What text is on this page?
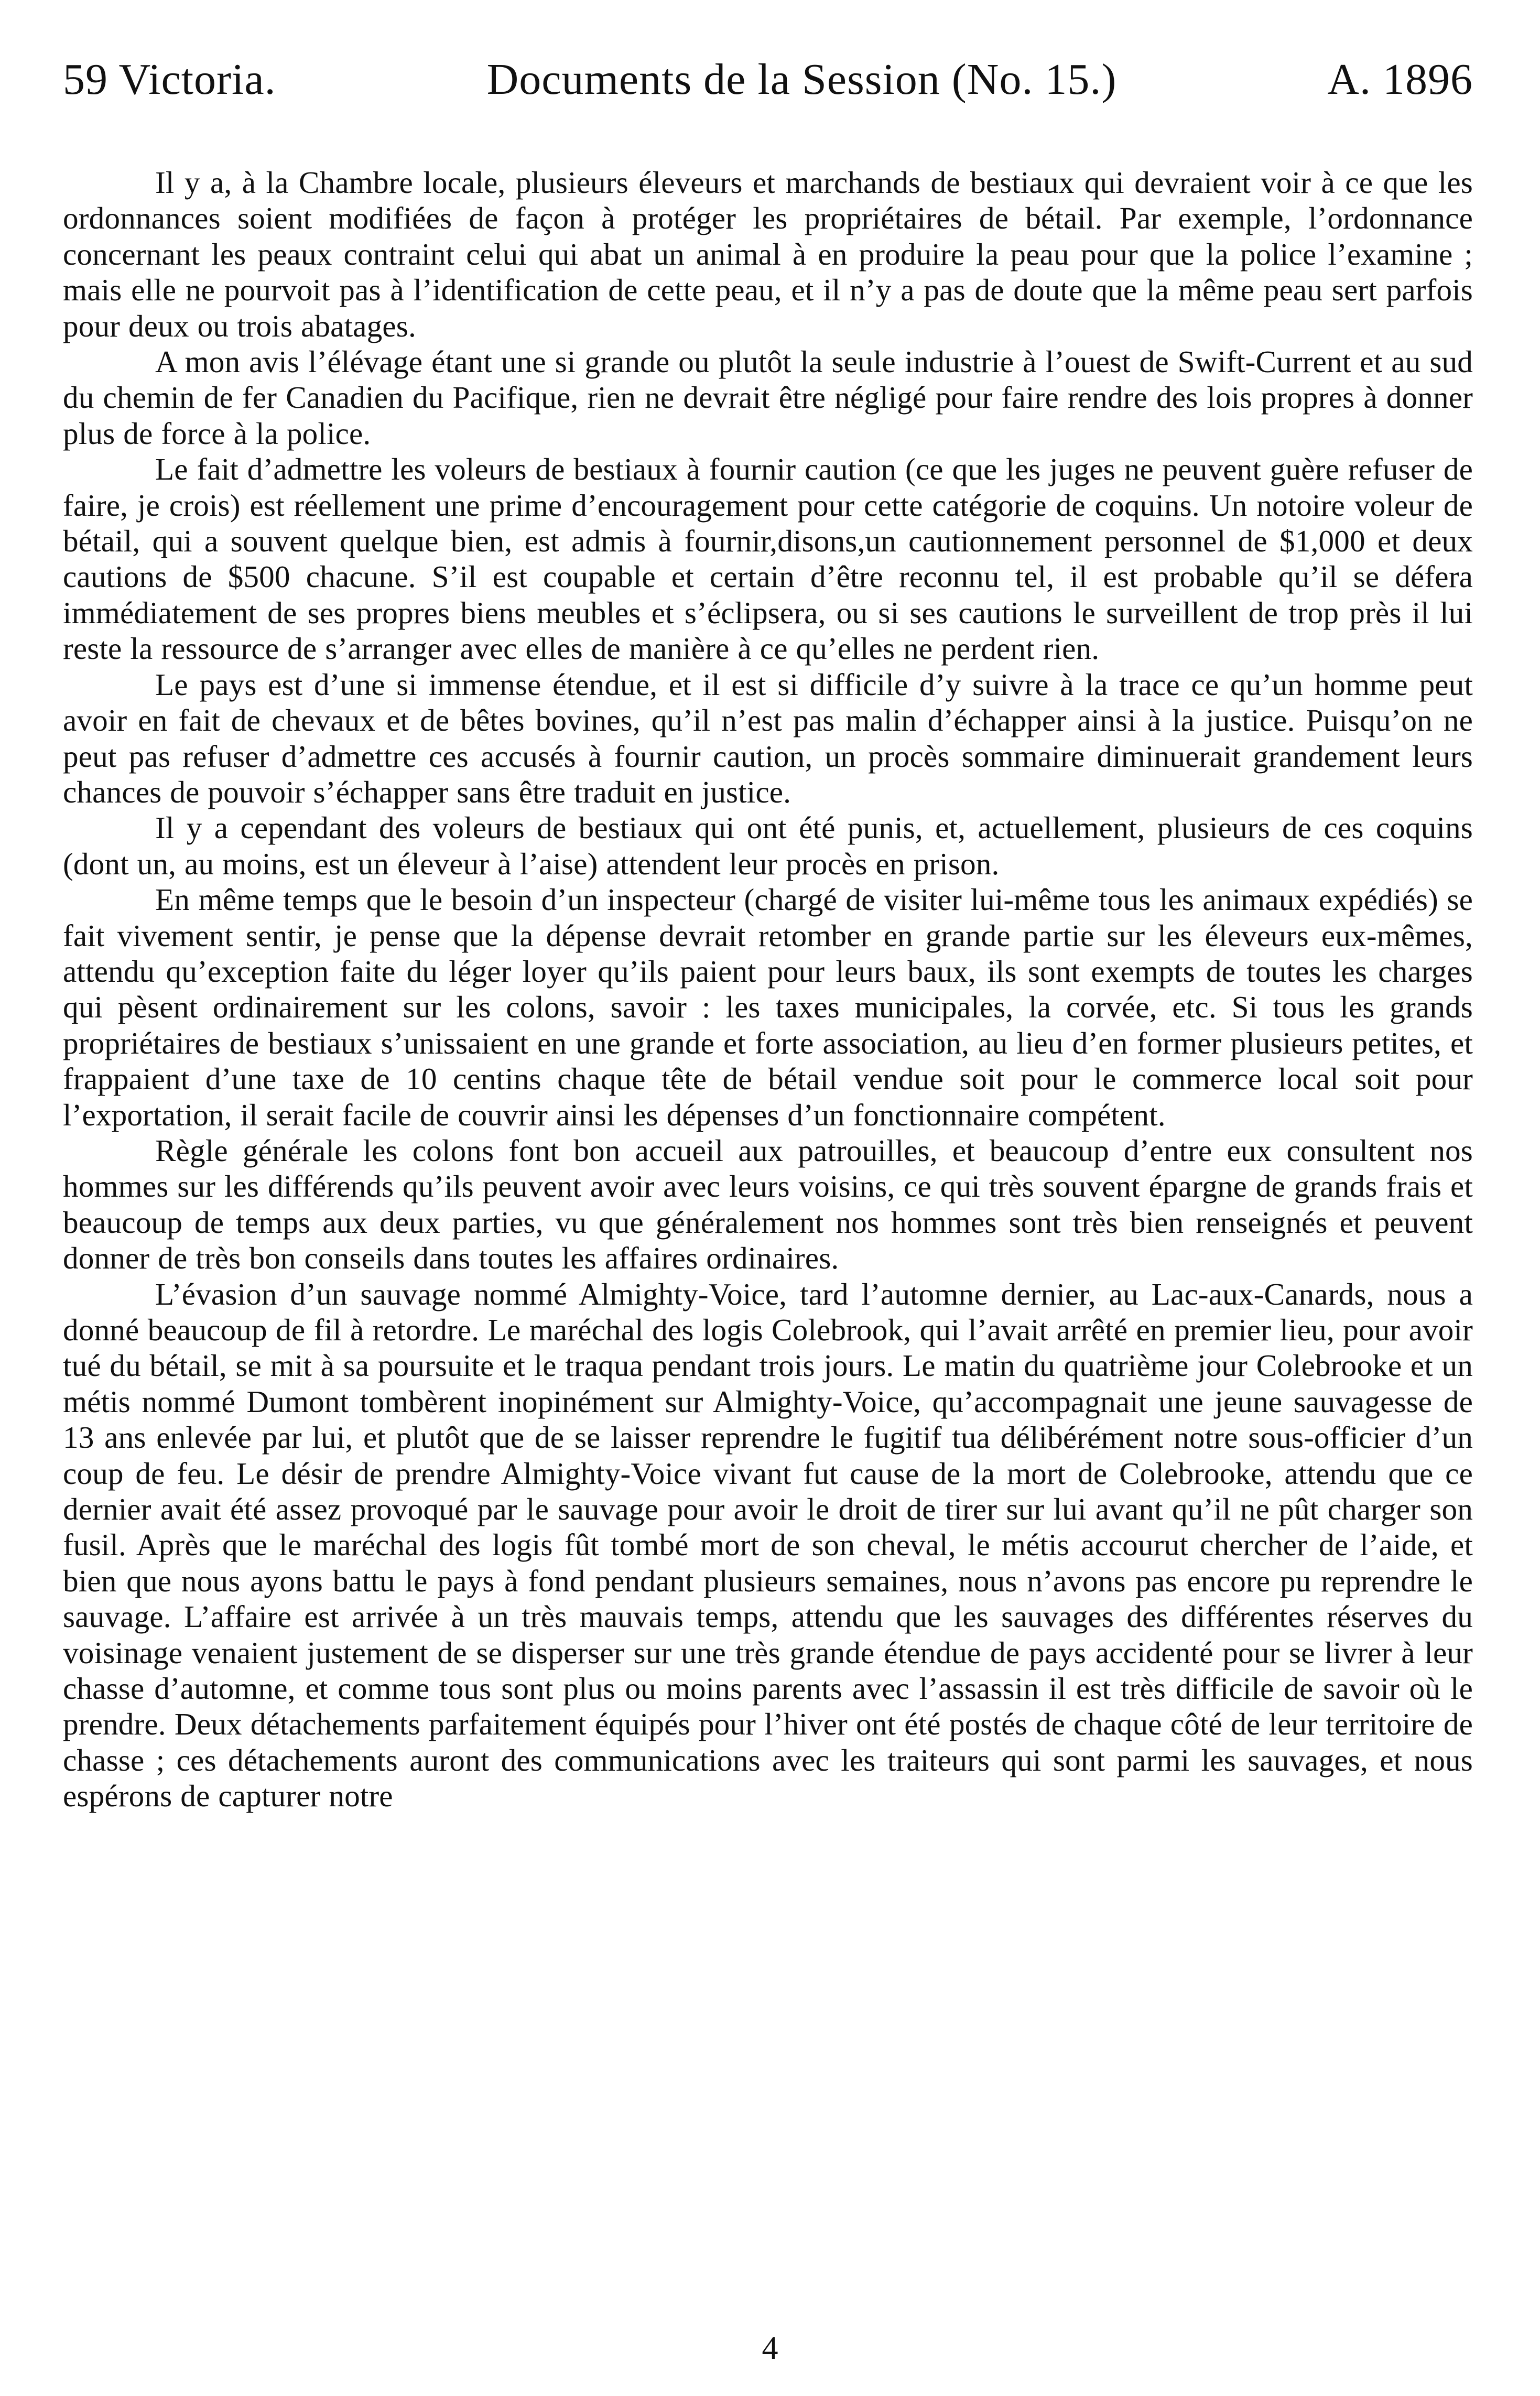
59 Victoria.	Documents de la Session (No. 15.)	A. 1896

Il y a, à la Chambre locale, plusieurs éleveurs et marchands de bestiaux qui devraient voir à ce que les ordonnances soient modifiées de façon à protéger les propriétaires de bétail. Par exemple, l’ordonnance concernant les peaux contraint celui qui abat un animal à en produire la peau pour que la police l’examine ; mais elle ne pourvoit pas à l’identification de cette peau, et il n’y a pas de doute que la même peau sert parfois pour deux ou trois abatages.

A mon avis l’élévage étant une si grande ou plutôt la seule industrie à l’ouest de Swift-Current et au sud du chemin de fer Canadien du Pacifique, rien ne devrait être négligé pour faire rendre des lois propres à donner plus de force à la police.

Le fait d’admettre les voleurs de bestiaux à fournir caution (ce que les juges ne peuvent guère refuser de faire, je crois) est réellement une prime d’encouragement pour cette catégorie de coquins. Un notoire voleur de bétail, qui a souvent quelque bien, est admis à fournir,disons,un cautionnement personnel de $1,000 et deux cautions de $500 chacune. S’il est coupable et certain d’être reconnu tel, il est probable qu’il se défera immédiatement de ses propres biens meubles et s’éclipsera, ou si ses cautions le surveillent de trop près il lui reste la ressource de s’arranger avec elles de manière à ce qu’elles ne perdent rien.

Le pays est d’une si immense étendue, et il est si difficile d’y suivre à la trace ce qu’un homme peut avoir en fait de chevaux et de bêtes bovines, qu’il n’est pas malin d’échapper ainsi à la justice. Puisqu’on ne peut pas refuser d’admettre ces accusés à fournir caution, un procès sommaire diminuerait grandement leurs chances de pouvoir s’échapper sans être traduit en justice.

Il y a cependant des voleurs de bestiaux qui ont été punis, et, actuellement, plusieurs de ces coquins (dont un, au moins, est un éleveur à l’aise) attendent leur procès en prison.

En même temps que le besoin d’un inspecteur (chargé de visiter lui-même tous les animaux expédiés) se fait vivement sentir, je pense que la dépense devrait retomber en grande partie sur les éleveurs eux-mêmes, attendu qu’exception faite du léger loyer qu’ils paient pour leurs baux, ils sont exempts de toutes les charges qui pèsent ordinairement sur les colons, savoir : les taxes municipales, la corvée, etc. Si tous les grands propriétaires de bestiaux s’unissaient en une grande et forte association, au lieu d’en former plusieurs petites, et frappaient d’une taxe de 10 centins chaque tête de bétail vendue soit pour le commerce local soit pour l’exportation, il serait facile de couvrir ainsi les dépenses d’un fonctionnaire compétent.

Règle générale les colons font bon accueil aux patrouilles, et beaucoup d’entre eux consultent nos hommes sur les différends qu’ils peuvent avoir avec leurs voisins, ce qui très souvent épargne de grands frais et beaucoup de temps aux deux parties, vu que généralement nos hommes sont très bien renseignés et peuvent donner de très bon conseils dans toutes les affaires ordinaires.

L’évasion d’un sauvage nommé Almighty-Voice, tard l’automne dernier, au Lac-aux-Canards, nous a donné beaucoup de fil à retordre. Le maréchal des logis Colebrook, qui l’avait arrêté en premier lieu, pour avoir tué du bétail, se mit à sa poursuite et le traqua pendant trois jours. Le matin du quatrième jour Colebrooke et un métis nommé Dumont tombèrent inopinément sur Almighty-Voice, qu’accompagnait une jeune sauvagesse de 13 ans enlevée par lui, et plutôt que de se laisser reprendre le fugitif tua délibérément notre sous-officier d’un coup de feu. Le désir de prendre Almighty-Voice vivant fut cause de la mort de Colebrooke, attendu que ce dernier avait été assez provoqué par le sauvage pour avoir le droit de tirer sur lui avant qu’il ne pût charger son fusil. Après que le maréchal des logis fût tombé mort de son cheval, le métis accourut chercher de l’aide, et bien que nous ayons battu le pays à fond pendant plusieurs semaines, nous n’avons pas encore pu reprendre le sauvage. L’affaire est arrivée à un très mauvais temps, attendu que les sauvages des différentes réserves du voisinage venaient justement de se disperser sur une très grande étendue de pays accidenté pour se livrer à leur chasse d’automne, et comme tous sont plus ou moins parents avec l’assassin il est très difficile de savoir où le prendre. Deux détachements parfaitement équipés pour l’hiver ont été postés de chaque côté de leur territoire de chasse ; ces détachements auront des communications avec les traiteurs qui sont parmi les sauvages, et nous espérons de capturer notre

4
